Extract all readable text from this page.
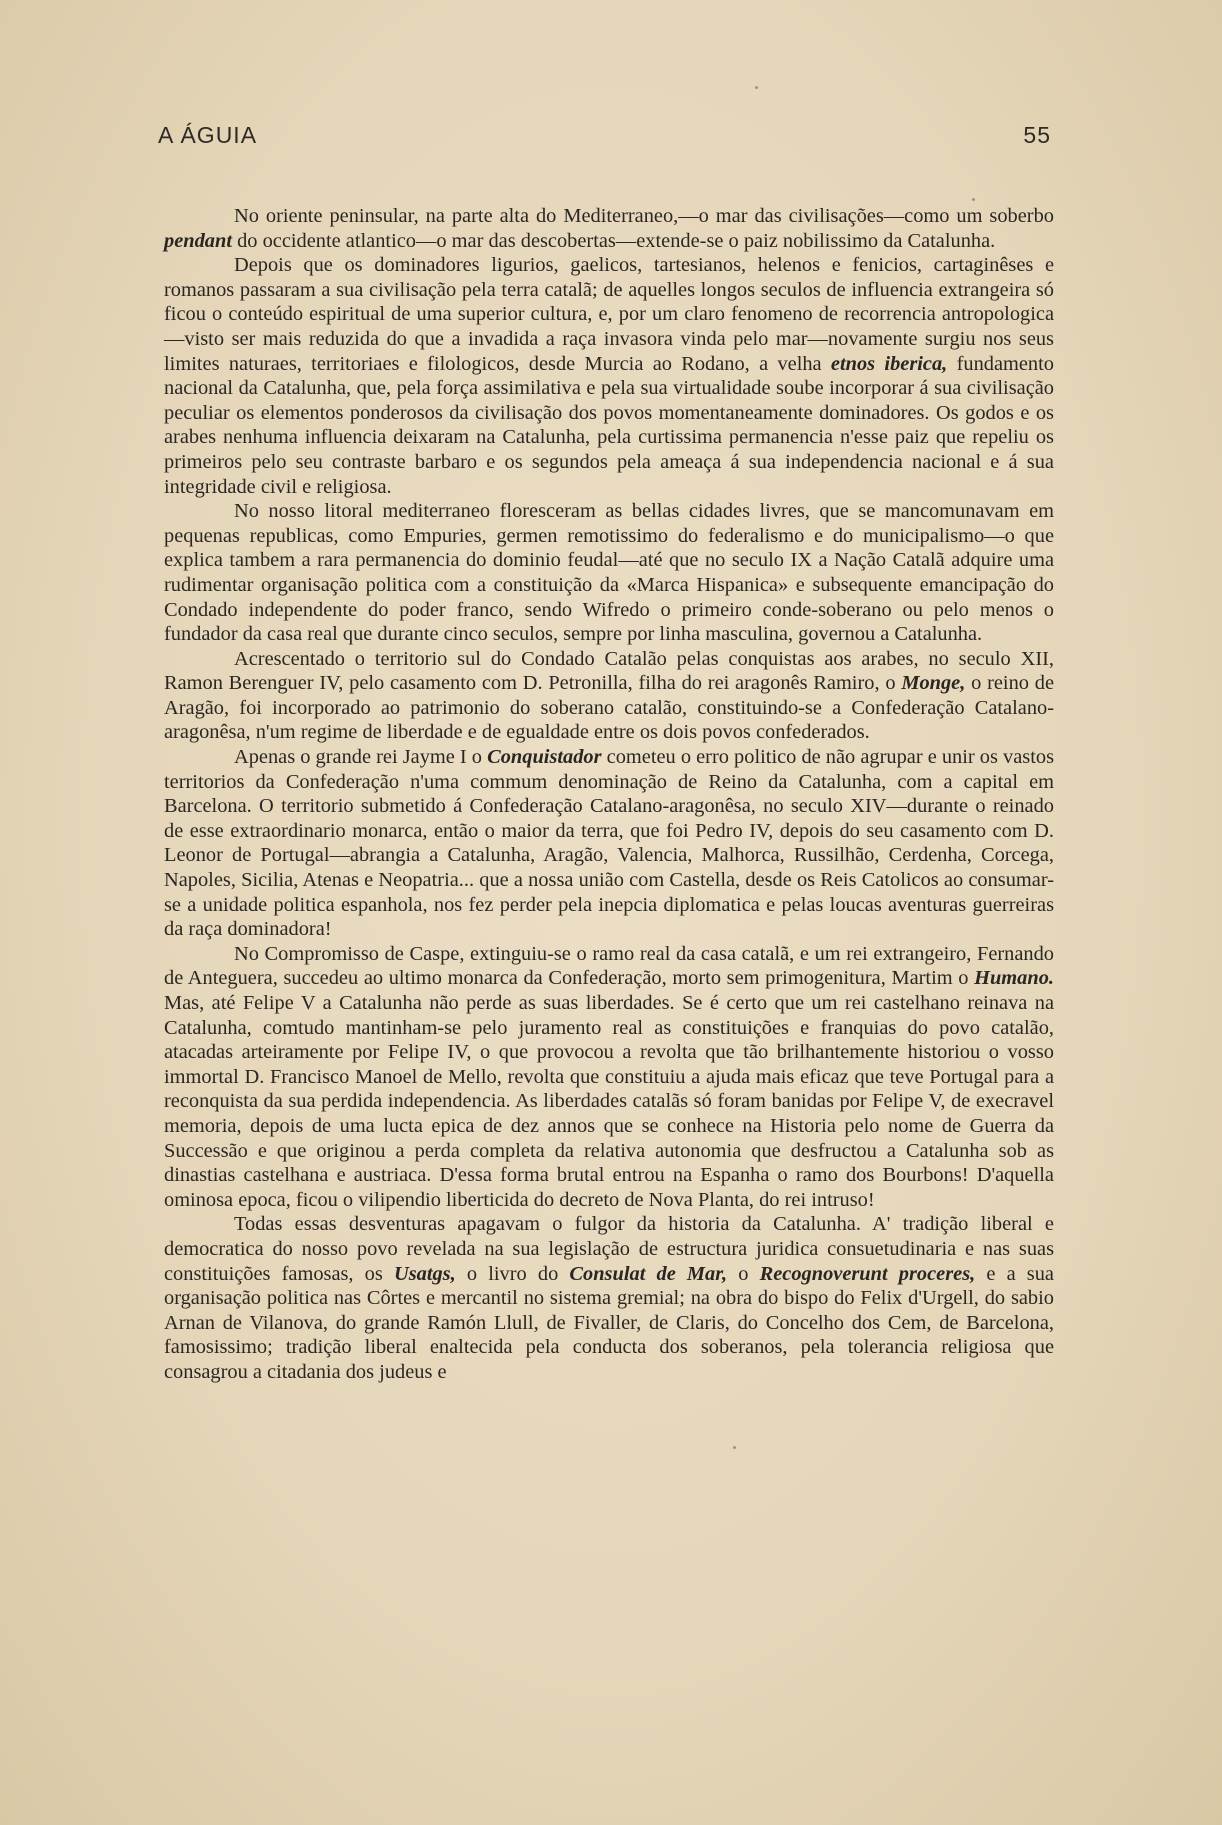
A ÁGUIA	55

No oriente peninsular, na parte alta do Mediterraneo,—o mar das civilisações—como um soberbo pendant do occidente atlantico—o mar das descobertas—extende-se o paiz nobilissimo da Catalunha.

Depois que os dominadores ligurios, gaelicos, tartesianos, helenos e fenicios, cartaginêses e romanos passaram a sua civilisação pela terra catalã; de aquelles longos seculos de influencia extrangeira só ficou o conteúdo espiritual de uma superior cultura, e, por um claro fenomeno de recorrencia antropologica—visto ser mais reduzida do que a invadida a raça invasora vinda pelo mar—novamente surgiu nos seus limites naturaes, territoriaes e filologicos, desde Murcia ao Rodano, a velha etnos iberica, fundamento nacional da Catalunha, que, pela força assimilativa e pela sua virtualidade soube incorporar á sua civilisação peculiar os elementos ponderosos da civilisação dos povos momentaneamente dominadores. Os godos e os arabes nenhuma influencia deixaram na Catalunha, pela curtissima permanencia n'esse paiz que repeliu os primeiros pelo seu contraste barbaro e os segundos pela ameaça á sua independencia nacional e á sua integridade civil e religiosa.

No nosso litoral mediterraneo floresceram as bellas cidades livres, que se mancomunavam em pequenas republicas, como Empuries, germen remotissimo do federalismo e do municipalismo—o que explica tambem a rara permanencia do dominio feudal—até que no seculo IX a Nação Catalã adquire uma rudimentar organisação politica com a constituição da «Marca Hispanica» e subsequente emancipação do Condado independente do poder franco, sendo Wifredo o primeiro conde-soberano ou pelo menos o fundador da casa real que durante cinco seculos, sempre por linha masculina, governou a Catalunha.

Acrescentado o territorio sul do Condado Catalão pelas conquistas aos arabes, no seculo XII, Ramon Berenguer IV, pelo casamento com D. Petronilla, filha do rei aragonês Ramiro, o Monge, o reino de Aragão, foi incorporado ao patrimonio do soberano catalão, constituindo-se a Confederação Catalano-aragonêsa, n'um regime de liberdade e de egualdade entre os dois povos confederados.

Apenas o grande rei Jayme I o Conquistador cometeu o erro politico de não agrupar e unir os vastos territorios da Confederação n'uma commum denominação de Reino da Catalunha, com a capital em Barcelona. O territorio submetido á Confederação Catalano-aragonêsa, no seculo XIV—durante o reinado de esse extraordinario monarca, então o maior da terra, que foi Pedro IV, depois do seu casamento com D. Leonor de Portugal—abrangia a Catalunha, Aragão, Valencia, Malhorca, Russilhão, Cerdenha, Corcega, Napoles, Sicilia, Atenas e Neopatria... que a nossa união com Castella, desde os Reis Catolicos ao consumar-se a unidade politica espanhola, nos fez perder pela inepcia diplomatica e pelas loucas aventuras guerreiras da raça dominadora!

No Compromisso de Caspe, extinguiu-se o ramo real da casa catalã, e um rei extrangeiro, Fernando de Anteguera, succedeu ao ultimo monarca da Confederação, morto sem primogenitura, Martim o Humano. Mas, até Felipe V a Catalunha não perde as suas liberdades. Se é certo que um rei castelhano reinava na Catalunha, comtudo mantinham-se pelo juramento real as constituições e franquias do povo catalão, atacadas arteiramente por Felipe IV, o que provocou a revolta que tão brilhantemente historiou o vosso immortal D. Francisco Manoel de Mello, revolta que constituiu a ajuda mais eficaz que teve Portugal para a reconquista da sua perdida independencia. As liberdades catalãs só foram banidas por Felipe V, de execravel memoria, depois de uma lucta epica de dez annos que se conhece na Historia pelo nome de Guerra da Successão e que originou a perda completa da relativa autonomia que desfructou a Catalunha sob as dinastias castelhana e austriaca. D'essa forma brutal entrou na Espanha o ramo dos Bourbons! D'aquella ominosa epoca, ficou o vilipendio liberticida do decreto de Nova Planta, do rei intruso!

Todas essas desventuras apagavam o fulgor da historia da Catalunha. A' tradição liberal e democratica do nosso povo revelada na sua legislação de estructura juridica consuetudinaria e nas suas constituições famosas, os Usatgs, o livro do Consulat de Mar, o Recognoverunt proceres, e a sua organisação politica nas Côrtes e mercantil no sistema gremial; na obra do bispo do Felix d'Urgell, do sabio Arnan de Vilanova, do grande Ramón Llull, de Fivaller, de Claris, do Concelho dos Cem, de Barcelona, famosissimo; tradição liberal enaltecida pela conducta dos soberanos, pela tolerancia religiosa que consagrou a citadania dos judeus e
